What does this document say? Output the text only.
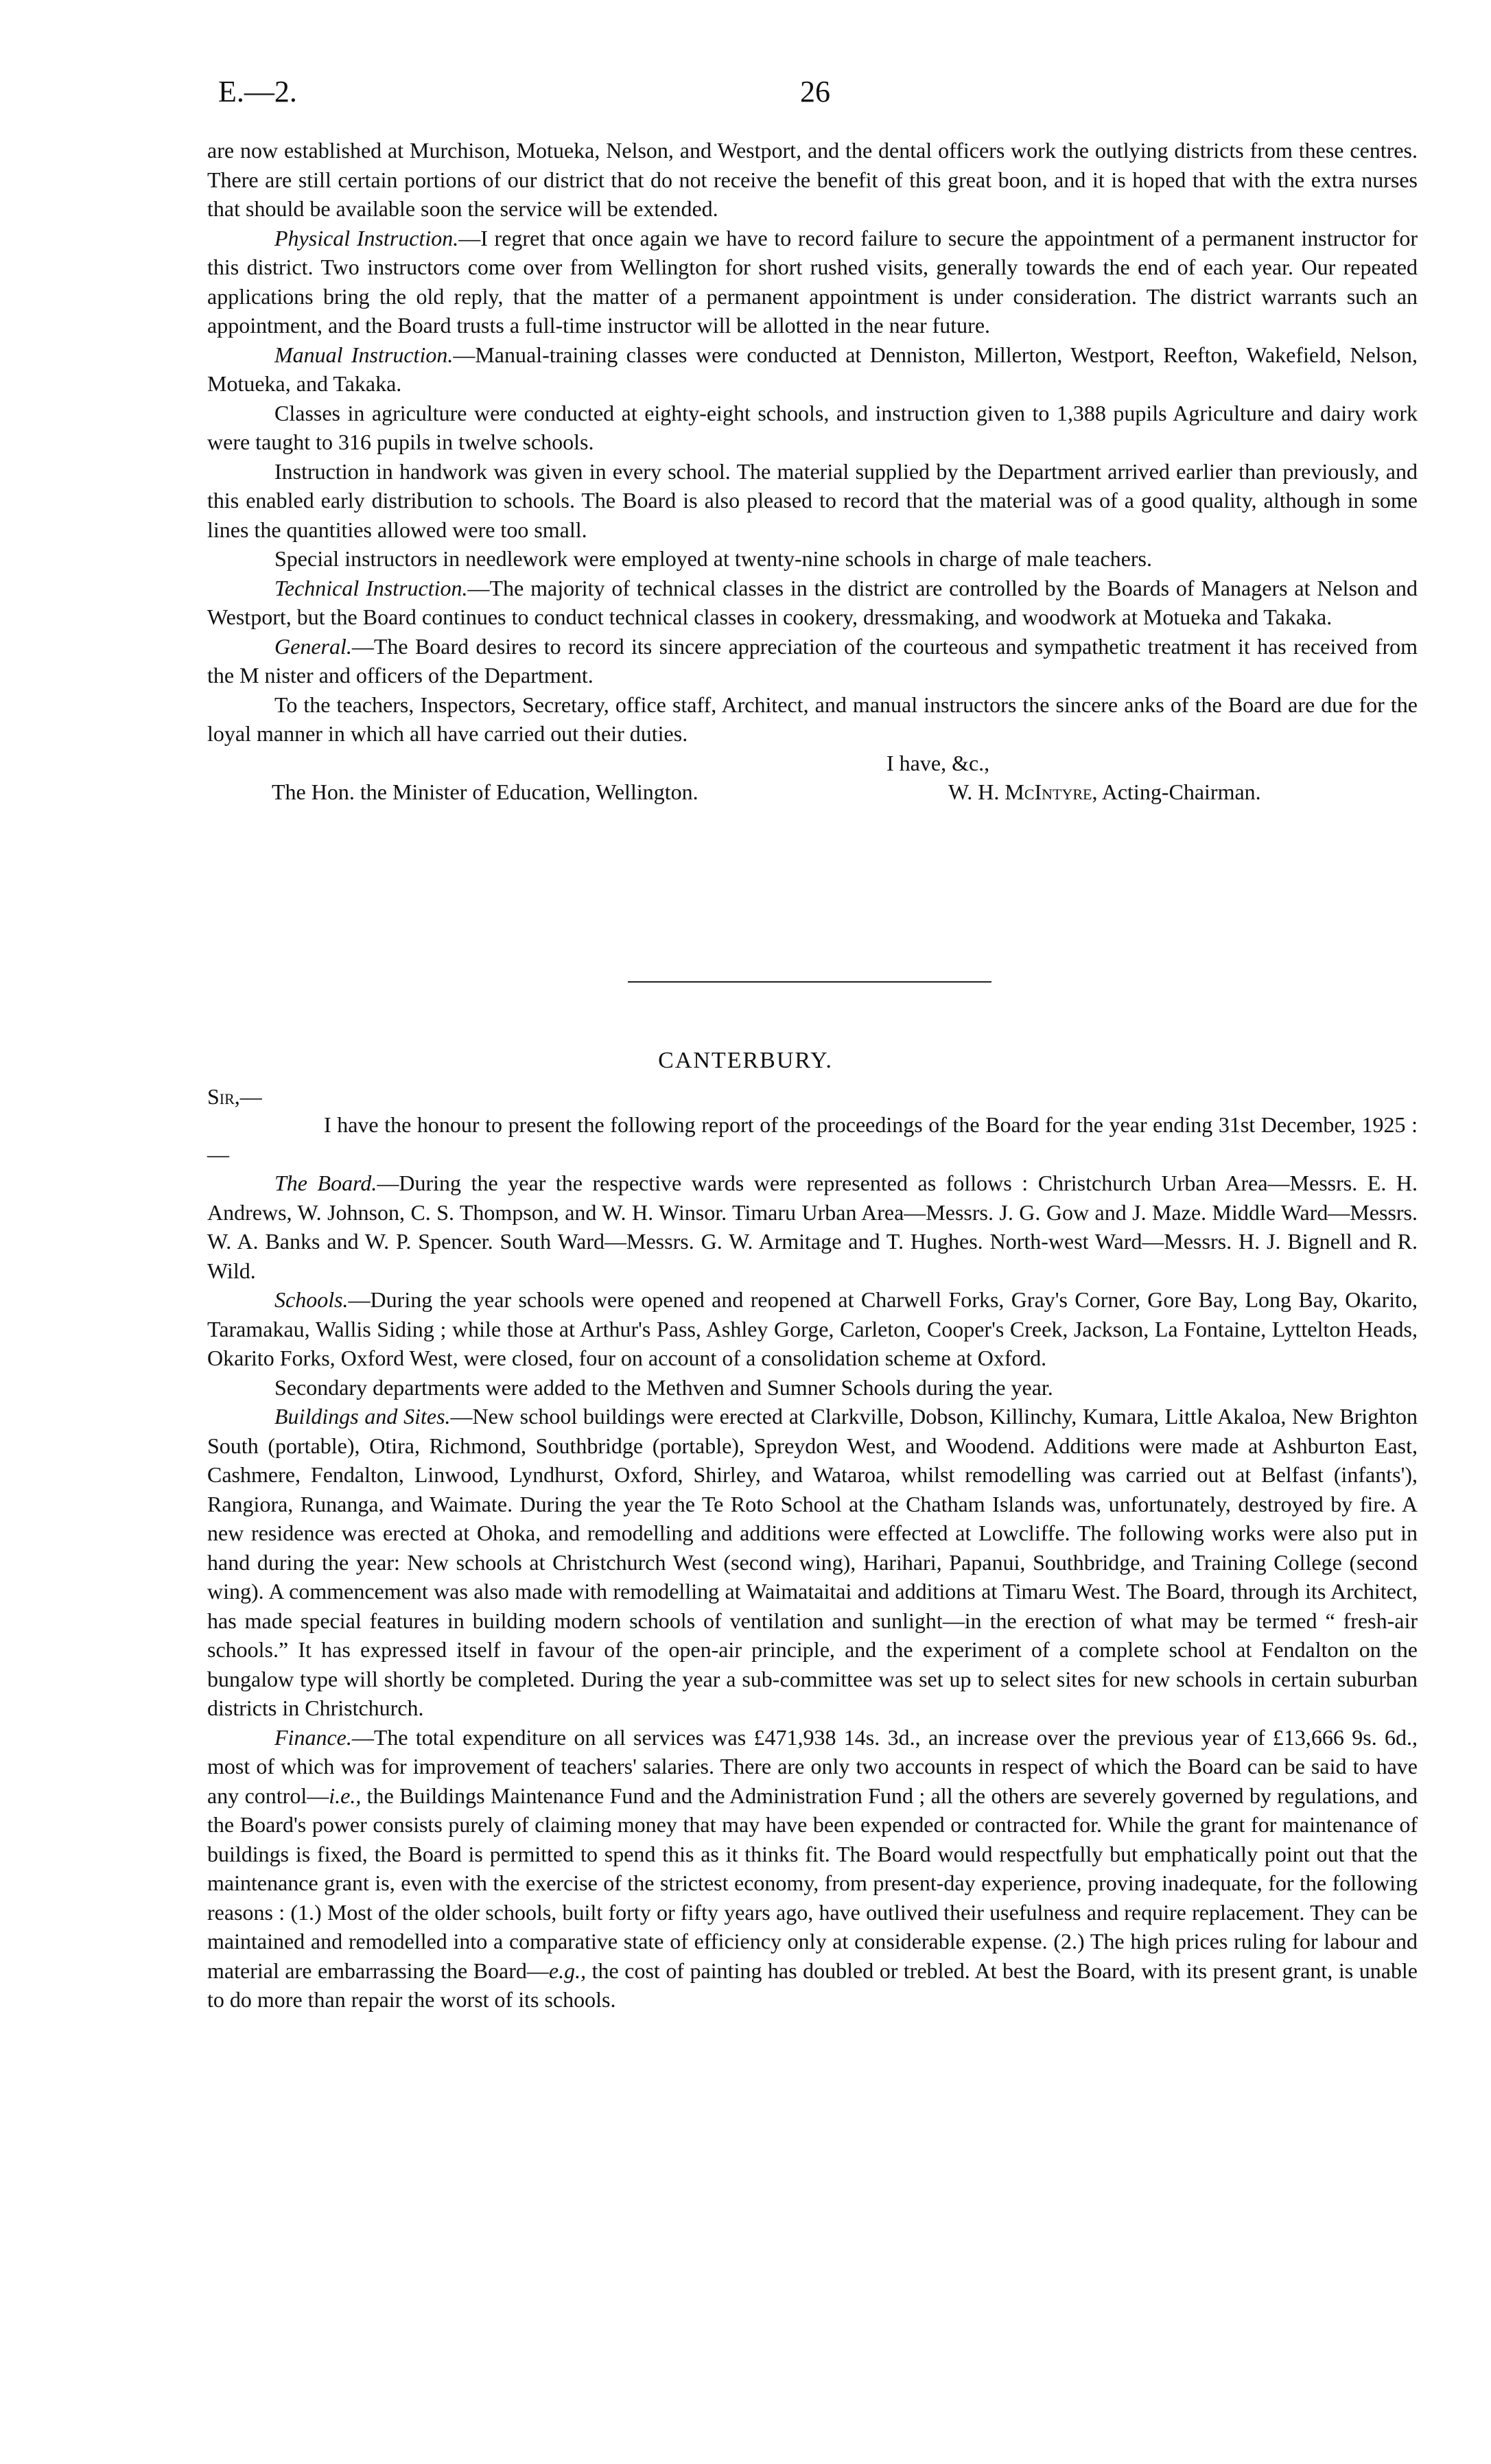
E.—2.	26

are now established at Murchison, Motueka, Nelson, and Westport, and the dental officers work the outlying districts from these centres. There are still certain portions of our district that do not receive the benefit of this great boon, and it is hoped that with the extra nurses that should be available soon the service will be extended.

Physical Instruction.—I regret that once again we have to record failure to secure the appointment of a permanent instructor for this district. Two instructors come over from Wellington for short rushed visits, generally towards the end of each year. Our repeated applications bring the old reply, that the matter of a permanent appointment is under consideration. The district warrants such an appointment, and the Board trusts a full-time instructor will be allotted in the near future.

Manual Instruction.—Manual-training classes were conducted at Denniston, Millerton, Westport, Reefton, Wakefield, Nelson, Motueka, and Takaka.

Classes in agriculture were conducted at eighty-eight schools, and instruction given to 1,388 pupils Agriculture and dairy work were taught to 316 pupils in twelve schools.

Instruction in handwork was given in every school. The material supplied by the Department arrived earlier than previously, and this enabled early distribution to schools. The Board is also pleased to record that the material was of a good quality, although in some lines the quantities allowed were too small.

Special instructors in needlework were employed at twenty-nine schools in charge of male teachers.

Technical Instruction.—The majority of technical classes in the district are controlled by the Boards of Managers at Nelson and Westport, but the Board continues to conduct technical classes in cookery, dressmaking, and woodwork at Motueka and Takaka.

General.—The Board desires to record its sincere appreciation of the courteous and sympathetic treatment it has received from the M nister and officers of the Department.

To the teachers, Inspectors, Secretary, office staff, Architect, and manual instructors the sincere anks of the Board are due for the loyal manner in which all have carried out their duties.

I have, &c.,
The Hon. the Minister of Education, Wellington.	W. H. McIntyre, Acting-Chairman.
CANTERBURY.
Sir,—

I have the honour to present the following report of the proceedings of the Board for the year ending 31st December, 1925 :—

The Board.—During the year the respective wards were represented as follows : Christchurch Urban Area—Messrs. E. H. Andrews, W. Johnson, C. S. Thompson, and W. H. Winsor. Timaru Urban Area—Messrs. J. G. Gow and J. Maze. Middle Ward—Messrs. W. A. Banks and W. P. Spencer. South Ward—Messrs. G. W. Armitage and T. Hughes. North-west Ward—Messrs. H. J. Bignell and R. Wild.

Schools.—During the year schools were opened and reopened at Charwell Forks, Gray's Corner, Gore Bay, Long Bay, Okarito, Taramakau, Wallis Siding ; while those at Arthur's Pass, Ashley Gorge, Carleton, Cooper's Creek, Jackson, La Fontaine, Lyttelton Heads, Okarito Forks, Oxford West, were closed, four on account of a consolidation scheme at Oxford.

Secondary departments were added to the Methven and Sumner Schools during the year.

Buildings and Sites.—New school buildings were erected at Clarkville, Dobson, Killinchy, Kumara, Little Akaloa, New Brighton South (portable), Otira, Richmond, Southbridge (portable), Spreydon West, and Woodend. Additions were made at Ashburton East, Cashmere, Fendalton, Linwood, Lyndhurst, Oxford, Shirley, and Wataroa, whilst remodelling was carried out at Belfast (infants'), Rangiora, Runanga, and Waimate. During the year the Te Roto School at the Chatham Islands was, unfortunately, destroyed by fire. A new residence was erected at Ohoka, and remodelling and additions were effected at Lowcliffe. The following works were also put in hand during the year: New schools at Christchurch West (second wing), Harihari, Papanui, Southbridge, and Training College (second wing). A commencement was also made with remodelling at Waimataitai and additions at Timaru West. The Board, through its Architect, has made special features in building modern schools of ventilation and sunlight—in the erection of what may be termed “ fresh-air schools.” It has expressed itself in favour of the open-air principle, and the experiment of a complete school at Fendalton on the bungalow type will shortly be completed. During the year a sub-committee was set up to select sites for new schools in certain suburban districts in Christchurch.

Finance.—The total expenditure on all services was £471,938 14s. 3d., an increase over the previous year of £13,666 9s. 6d., most of which was for improvement of teachers' salaries. There are only two accounts in respect of which the Board can be said to have any control—i.e., the Buildings Maintenance Fund and the Administration Fund ; all the others are severely governed by regulations, and the Board's power consists purely of claiming money that may have been expended or contracted for. While the grant for maintenance of buildings is fixed, the Board is permitted to spend this as it thinks fit. The Board would respectfully but emphatically point out that the maintenance grant is, even with the exercise of the strictest economy, from present-day experience, proving inadequate, for the following reasons : (1.) Most of the older schools, built forty or fifty years ago, have outlived their usefulness and require replacement. They can be maintained and remodelled into a comparative state of efficiency only at considerable expense. (2.) The high prices ruling for labour and material are embarrassing the Board—e.g., the cost of painting has doubled or trebled. At best the Board, with its present grant, is unable to do more than repair the worst of its schools.
